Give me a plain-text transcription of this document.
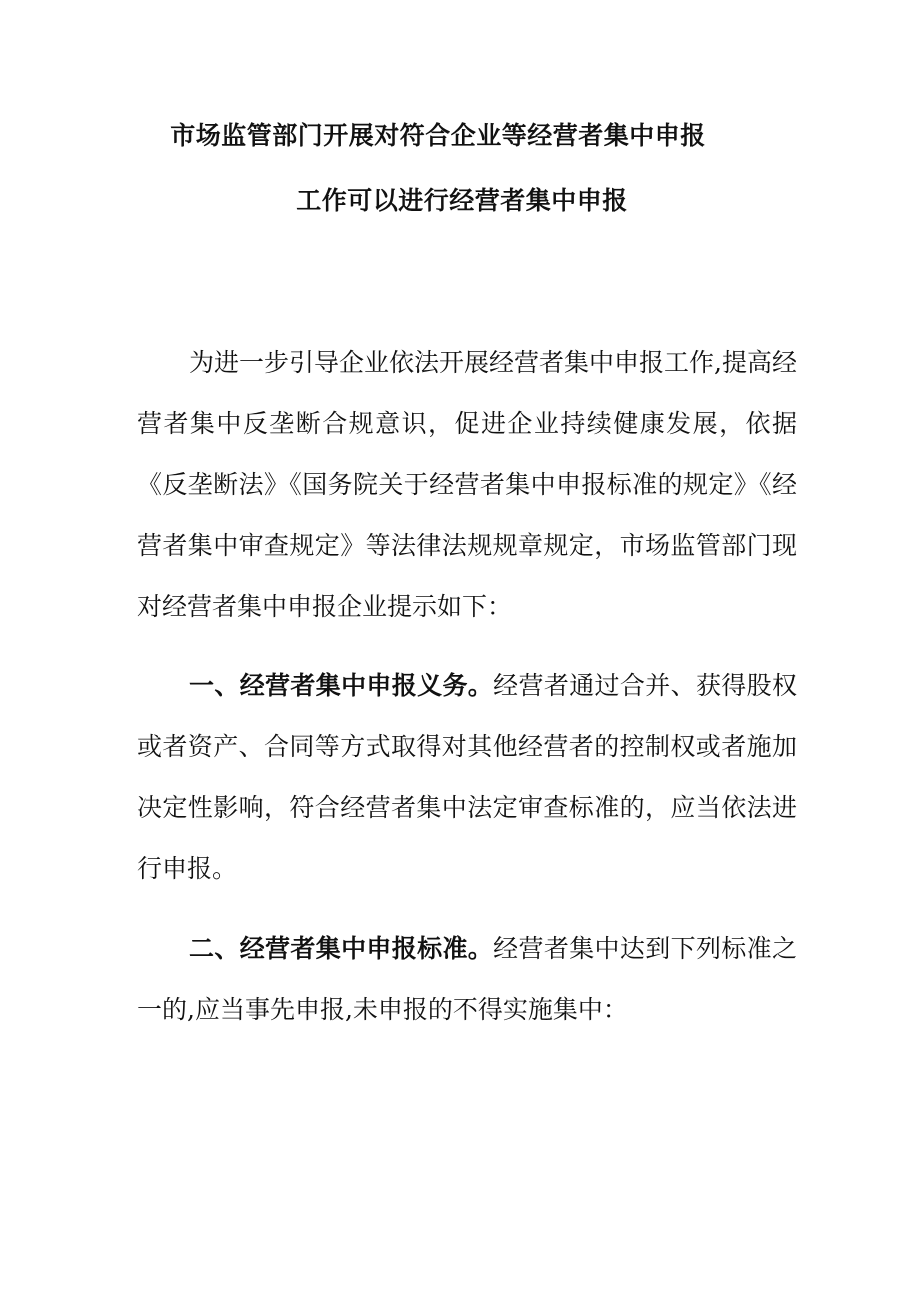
市场监管部门开展对符合企业等经营者集中申报
工作可以进行经营者集中申报

为进一步引导企业依法开展经营者集中申报工作,提高经营者集中反垄断合规意识，促进企业持续健康发展，依据《反垄断法》《国务院关于经营者集中申报标准的规定》《经营者集中审查规定》等法律法规规章规定，市场监管部门现对经营者集中申报企业提示如下：

一、经营者集中申报义务。经营者通过合并、获得股权或者资产、合同等方式取得对其他经营者的控制权或者施加决定性影响，符合经营者集中法定审查标准的，应当依法进行申报。

二、经营者集中申报标准。经营者集中达到下列标准之一的,应当事先申报,未申报的不得实施集中：
